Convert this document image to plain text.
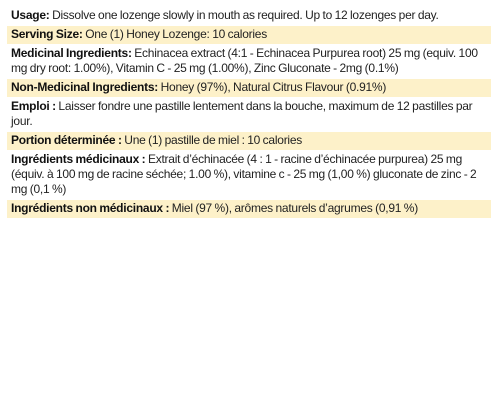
Usage: Dissolve one lozenge slowly in mouth as required. Up to 12 lozenges per day.
Serving Size: One (1) Honey Lozenge: 10 calories
Medicinal Ingredients: Echinacea extract (4:1 - Echinacea Purpurea root) 25 mg (equiv. 100 mg dry root: 1.00%), Vitamin C - 25 mg (1.00%), Zinc Gluconate - 2mg (0.1%)
Non-Medicinal Ingredients: Honey (97%), Natural Citrus Flavour (0.91%)
Emploi : Laisser fondre une pastille lentement dans la bouche, maximum de 12 pastilles par jour.
Portion déterminée : Une (1) pastille de miel : 10 calories
Ingrédients médicinaux : Extrait d’échinacée (4 : 1 - racine d’échinacée purpurea) 25 mg (équiv. à 100 mg de racine séchée; 1.00 %), vitamine c - 25 mg (1,00 %) gluconate de zinc - 2 mg (0,1 %)
Ingrédients non médicinaux : Miel (97 %), arômes naturels d’agrumes (0,91 %)
